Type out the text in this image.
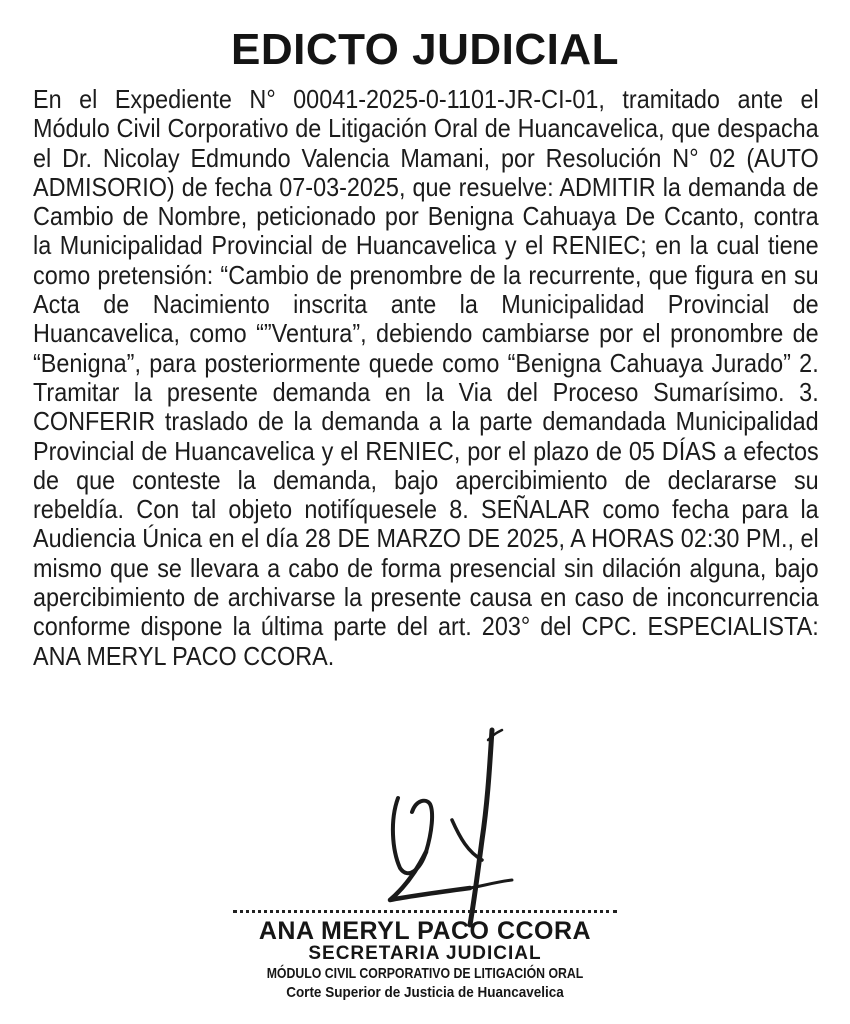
EDICTO JUDICIAL
En el Expediente N° 00041-2025-0-1101-JR-CI-01, tramitado ante el Módulo Civil Corporativo de Litigación Oral de Huancavelica, que despacha el Dr. Nicolay Edmundo Valencia Mamani, por Resolución N° 02 (AUTO ADMISORIO) de fecha 07-03-2025, que resuelve: ADMITIR la demanda de Cambio de Nombre, peticionado por Benigna Cahuaya De Ccanto, contra la Municipalidad Provincial de Huancavelica y el RENIEC; en la cual tiene como pretensión: “Cambio de prenombre de la recurrente, que figura en su Acta de Nacimiento inscrita ante la Municipalidad Provincial de Huancavelica, como “”Ventura”, debiendo cambiarse por el pronombre de “Benigna”, para posteriormente quede como “Benigna Cahuaya Jurado” 2. Tramitar la presente demanda en la Via del Proceso Sumarísimo. 3. CONFERIR traslado de la demanda a la parte demandada Municipalidad Provincial de Huancavelica y el RENIEC, por el plazo de 05 DÍAS a efectos de que conteste la demanda, bajo apercibimiento de declararse su rebeldía. Con tal objeto notifíquesele 8. SEÑALAR como fecha para la Audiencia Única en el día 28 DE MARZO DE 2025, A HORAS 02:30 PM., el mismo que se llevara a cabo de forma presencial sin dilación alguna, bajo apercibimiento de archivarse la presente causa en caso de inconcurrencia conforme dispone la última parte del art. 203° del CPC. ESPECIALISTA: ANA MERYL PACO CCORA.
ANA MERYL PACO CCORA
SECRETARIA JUDICIAL
MÓDULO CIVIL CORPORATIVO DE LITIGACIÓN ORAL
Corte Superior de Justicia de Huancavelica
